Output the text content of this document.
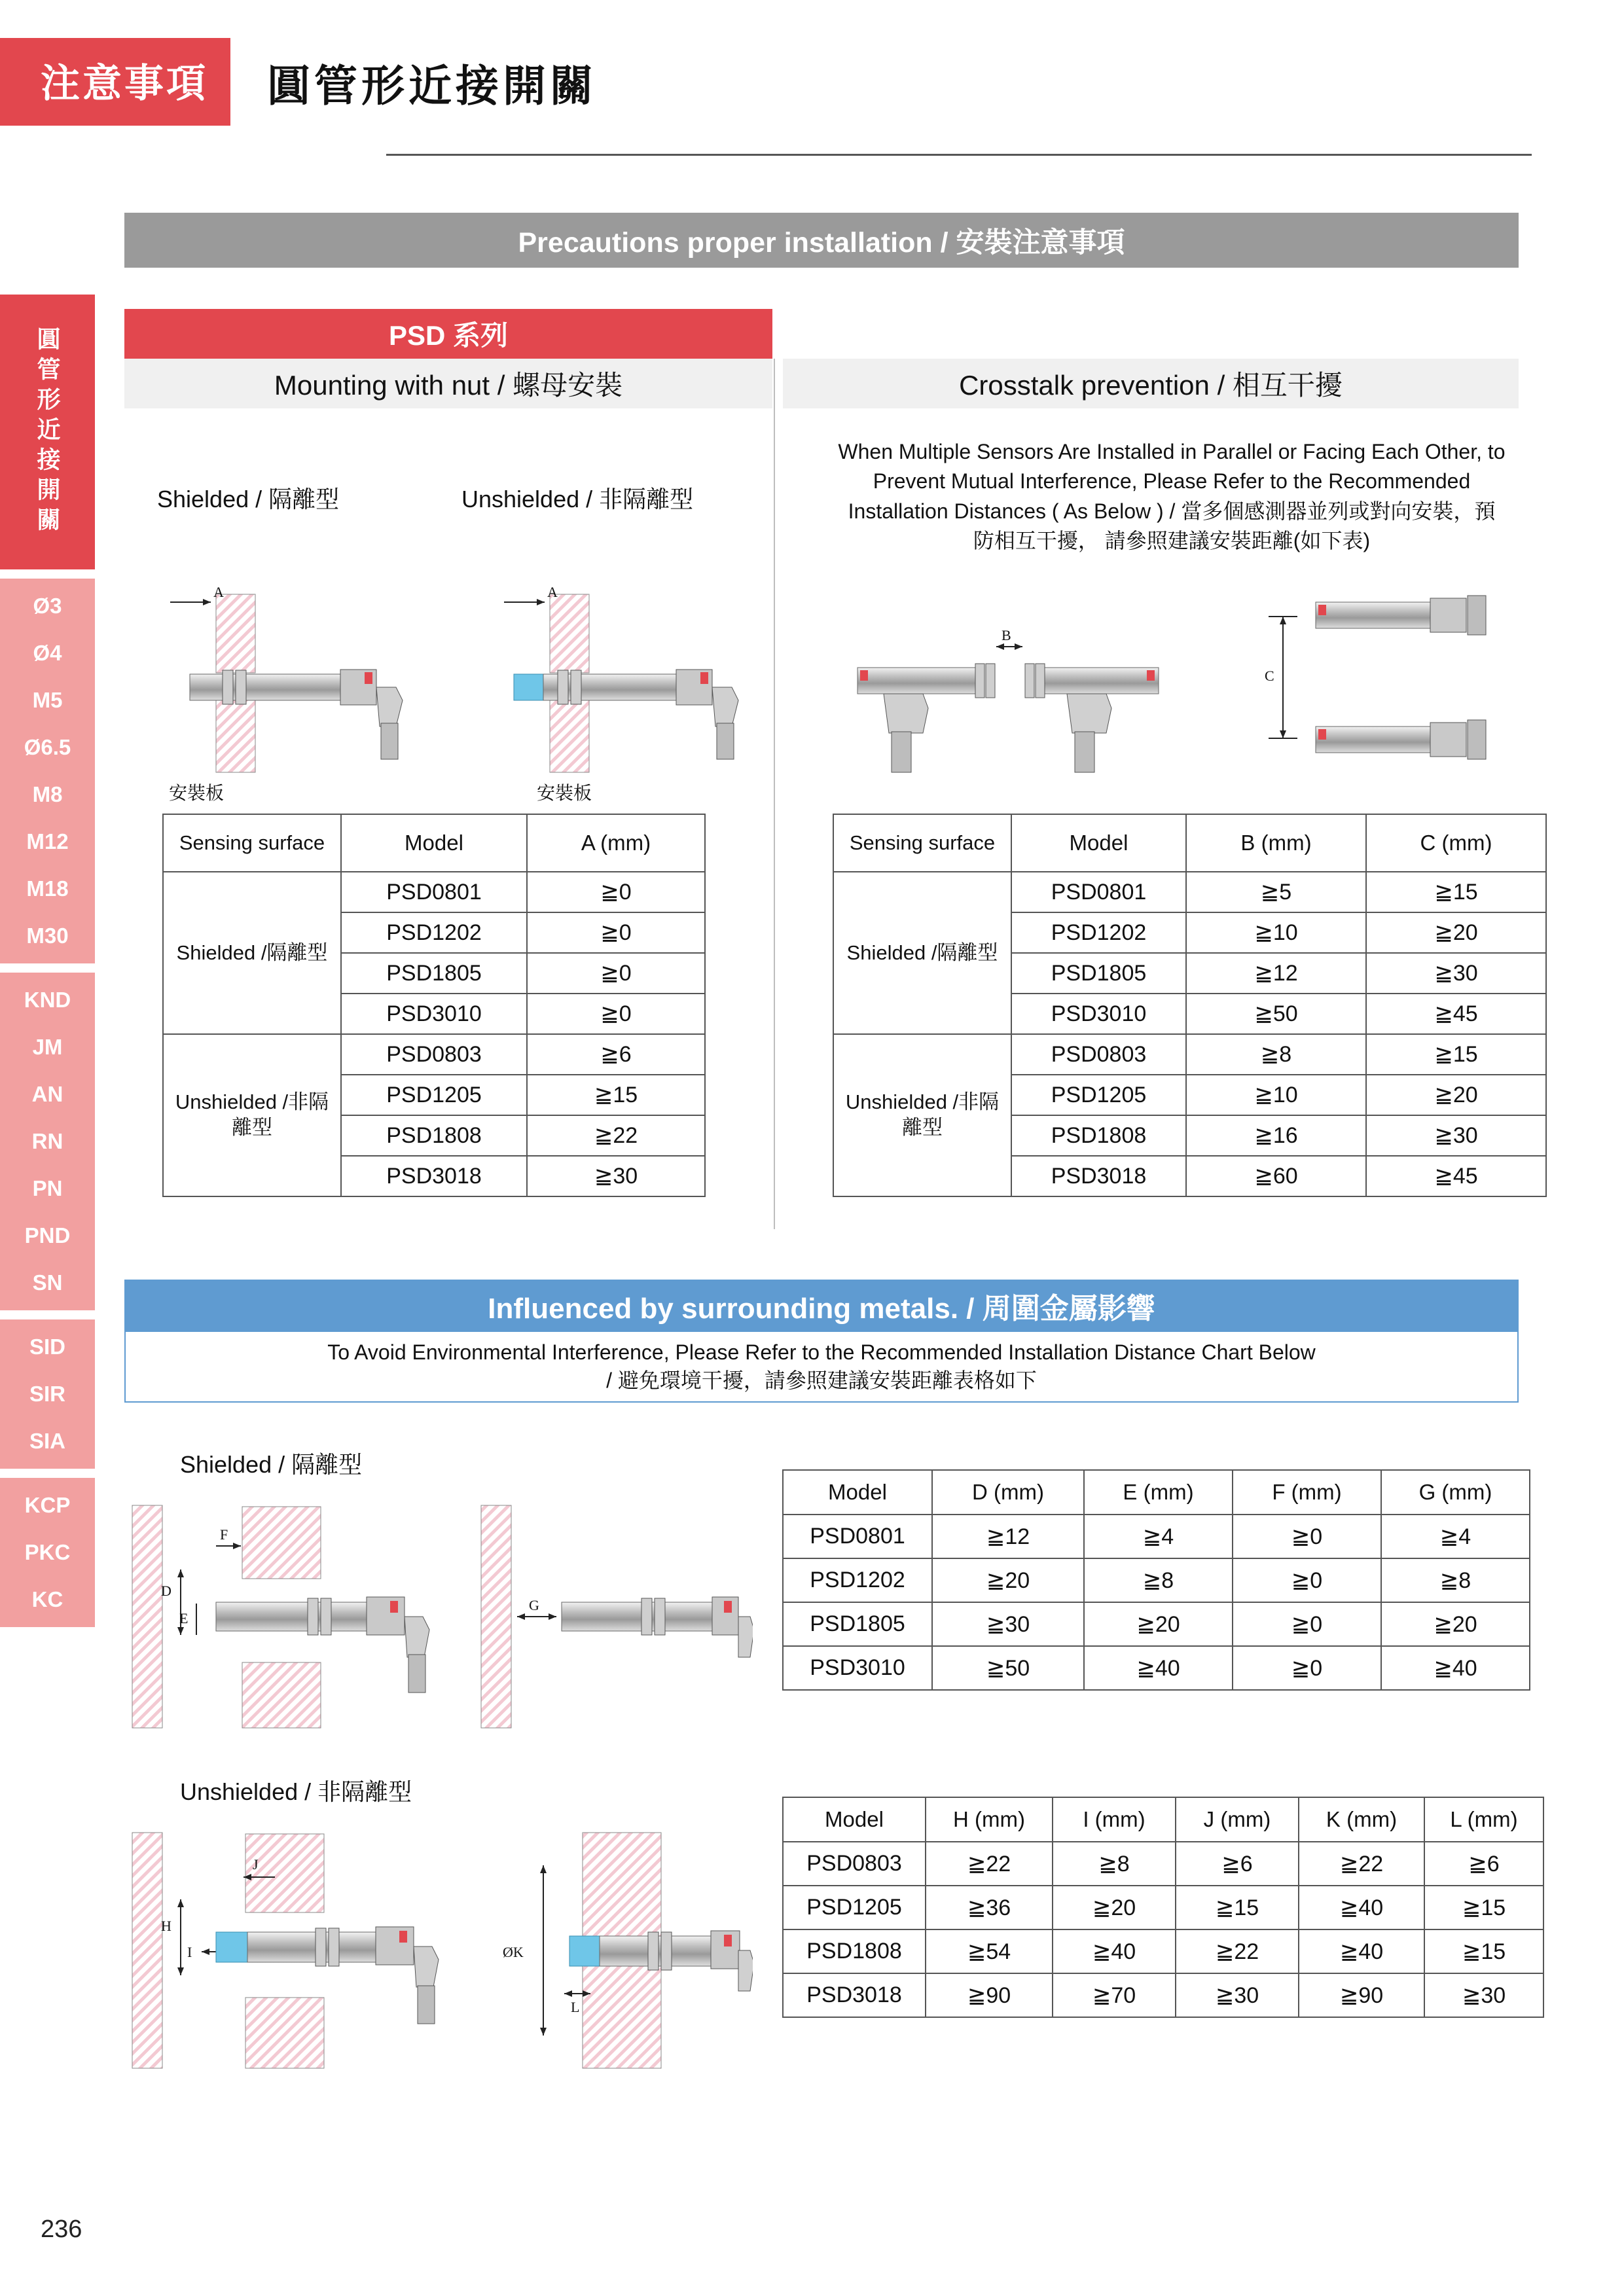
注意事項	圓管形近接開關
圓管形近接開關
Ø3
Ø4
M5
Ø6.5
M8
M12
M18
M30
KND
JM
AN
RN
PN
PND
SN
SID
SIR
SIA
KCP
PKC
KC
Precautions proper installation / 安裝注意事項
PSD 系列
Mounting with nut / 螺母安裝	Crosstalk prevention / 相互干擾
Shielded / 隔離型	Unshielded / 非隔離型
A
安裝板
A
安裝板
Sensing surface	Model	A (mm)
Shielded /隔離型	PSD0801	≧0
	PSD1202	≧0
	PSD1805	≧0
	PSD3010	≧0
Unshielded /非隔離型	PSD0803	≧6
	PSD1205	≧15
	PSD1808	≧22
	PSD3018	≧30
When Multiple Sensors Are Installed in Parallel or Facing Each Other, to Prevent Mutual Interference, Please Refer to the Recommended Installation Distances ( As Below ) / 當多個感測器並列或對向安裝，預防相互干擾， 請參照建議安裝距離(如下表)
B
C
Sensing surface	Model	B (mm)	C (mm)
Shielded /隔離型	PSD0801	≧5	≧15
	PSD1202	≧10	≧20
	PSD1805	≧12	≧30
	PSD3010	≧50	≧45
Unshielded /非隔離型	PSD0803	≧8	≧15
	PSD1205	≧10	≧20
	PSD1808	≧16	≧30
	PSD3018	≧60	≧45
Influenced by surrounding metals. / 周圍金屬影響
To Avoid Environmental Interference, Please Refer to the Recommended Installation Distance Chart Below
/ 避免環境干擾，請參照建議安裝距離表格如下
Shielded / 隔離型
F
D
E
G
Model	D (mm)	E (mm)	F (mm)	G (mm)
PSD0801	≧12	≧4	≧0	≧4
PSD1202	≧20	≧8	≧0	≧8
PSD1805	≧30	≧20	≧0	≧20
PSD3010	≧50	≧40	≧0	≧40
Unshielded / 非隔離型
J
H
I	ØK
L
Model	H (mm)	I (mm)	J (mm)	K (mm)	L (mm)
PSD0803	≧22	≧8	≧6	≧22	≧6
PSD1205	≧36	≧20	≧15	≧40	≧15
PSD1808	≧54	≧40	≧22	≧40	≧15
PSD3018	≧90	≧70	≧30	≧90	≧30
236
